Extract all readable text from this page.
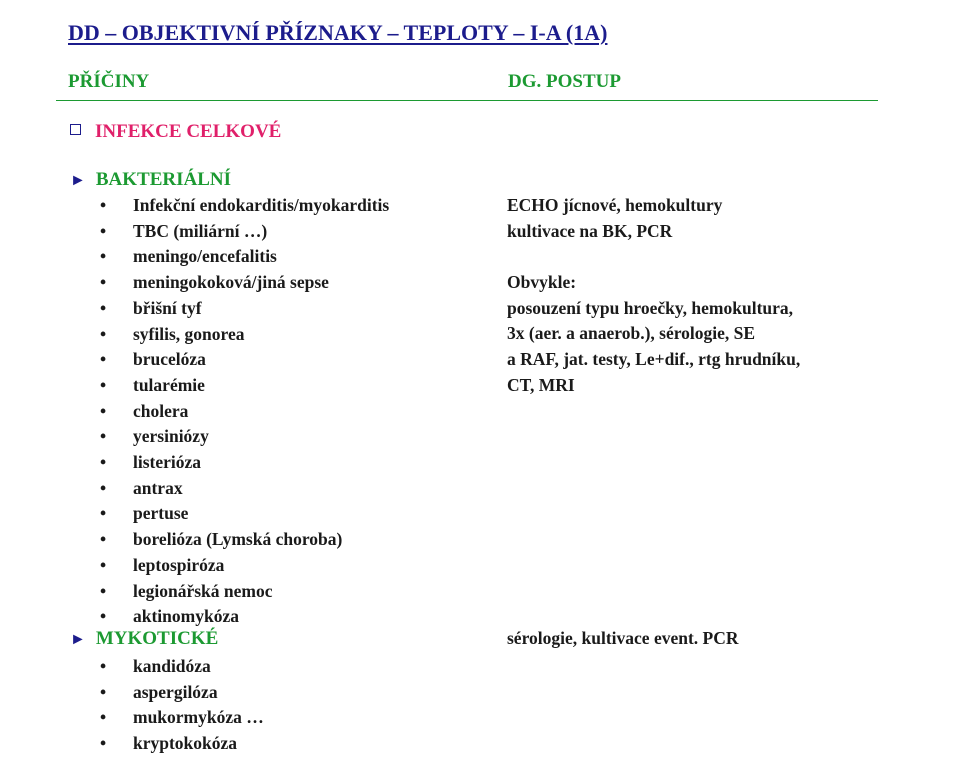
DD – OBJEKTIVNÍ PŘÍZNAKY – TEPLOTY – I-A (1A)
PŘÍČINY	DG. POSTUP
INFEKCE CELKOVÉ
► BAKTERIÁLNÍ
• Infekční endokarditis/myokarditis
• TBC (miliární …)
• meningo/encefalitis
• meningokoková/jiná sepse
• břišní tyf
• syfilis, gonorea
• brucelóza
• tularémie
• cholera
• yersiniózy
• listerióza
• antrax
• pertuse
• borelióza (Lymská choroba)
• leptospiróza
• legionářská nemoc
• aktinomykóza
ECHO jícnové, hemokultury
kultivace na BK, PCR
Obvykle:
posouzení typu hroečky, hemokultura,
3x (aer. a anaerob.), sérologie, SE
a RAF, jat. testy, Le+dif., rtg hrudníku,
CT, MRI
► MYKOTICKÉ	sérologie, kultivace event. PCR
• kandidóza
• aspergilóza
• mukormykóza …
• kryptokokóza
